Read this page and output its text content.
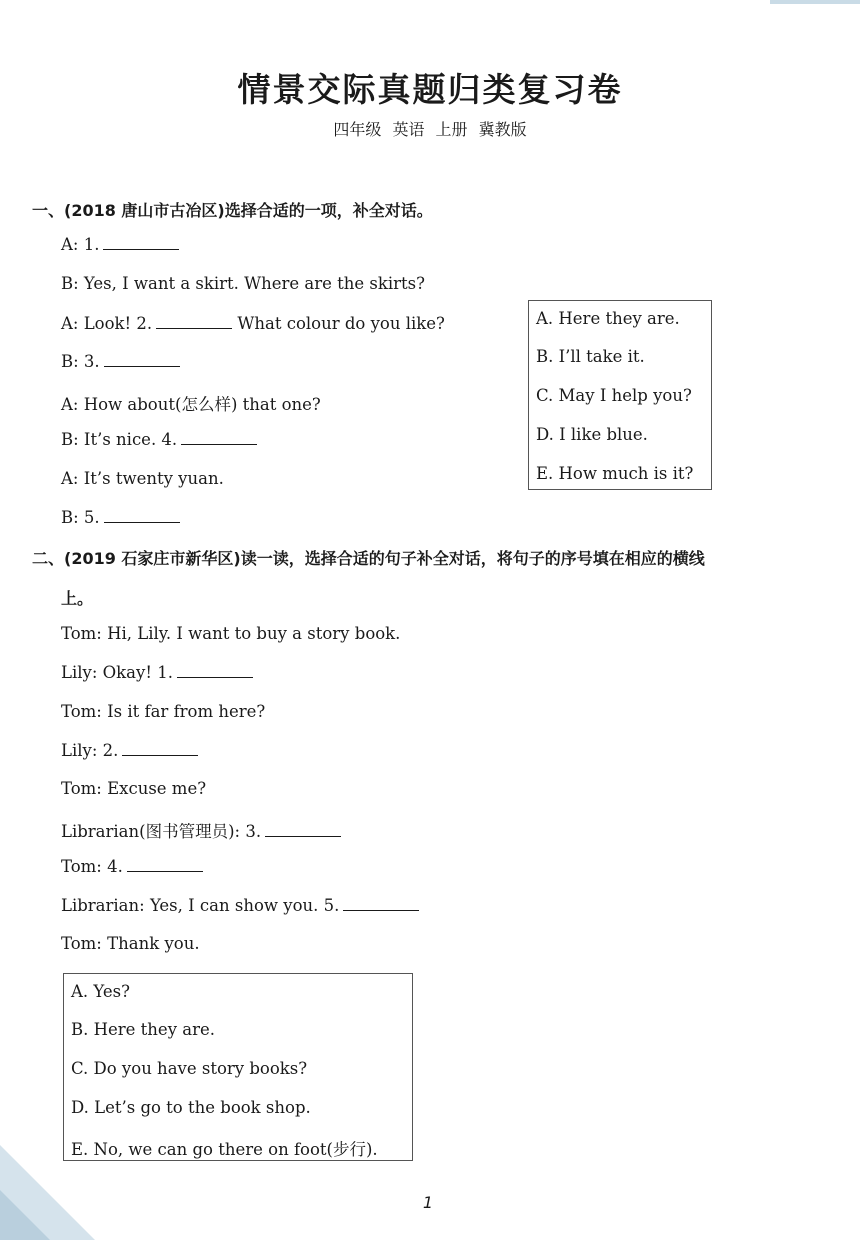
情景交际真题归类复习卷
四年级 英语 上册 冀教版

一、(2018 唐山市古冶区)选择合适的一项，补全对话。

A: 1.

B: Yes, I want a skirt. Where are the skirts?

A: Look! 2.	What colour do you like?

B: 3.

A: How about(怎么样) that one?

B: It’s nice. 4.

A: It’s twenty yuan.

B: 5.

A. Here they are.

B. I’ll take it.

C. May I help you?

D. I like blue.

E. How much is it?

二、(2019 石家庄市新华区)读一读，选择合适的句子补全对话，将句子的序号填在相应的横线

上。

Tom: Hi, Lily. I want to buy a story book.

Lily: Okay! 1.

Tom: Is it far from here?

Lily: 2.

Tom: Excuse me?

Librarian(图书管理员): 3.

Tom: 4.

Librarian: Yes, I can show you. 5.

Tom: Thank you.

A. Yes?

B. Here they are.

C. Do you have story books?

D. Let’s go to the book shop.

E. No, we can go there on foot(步行).

1
